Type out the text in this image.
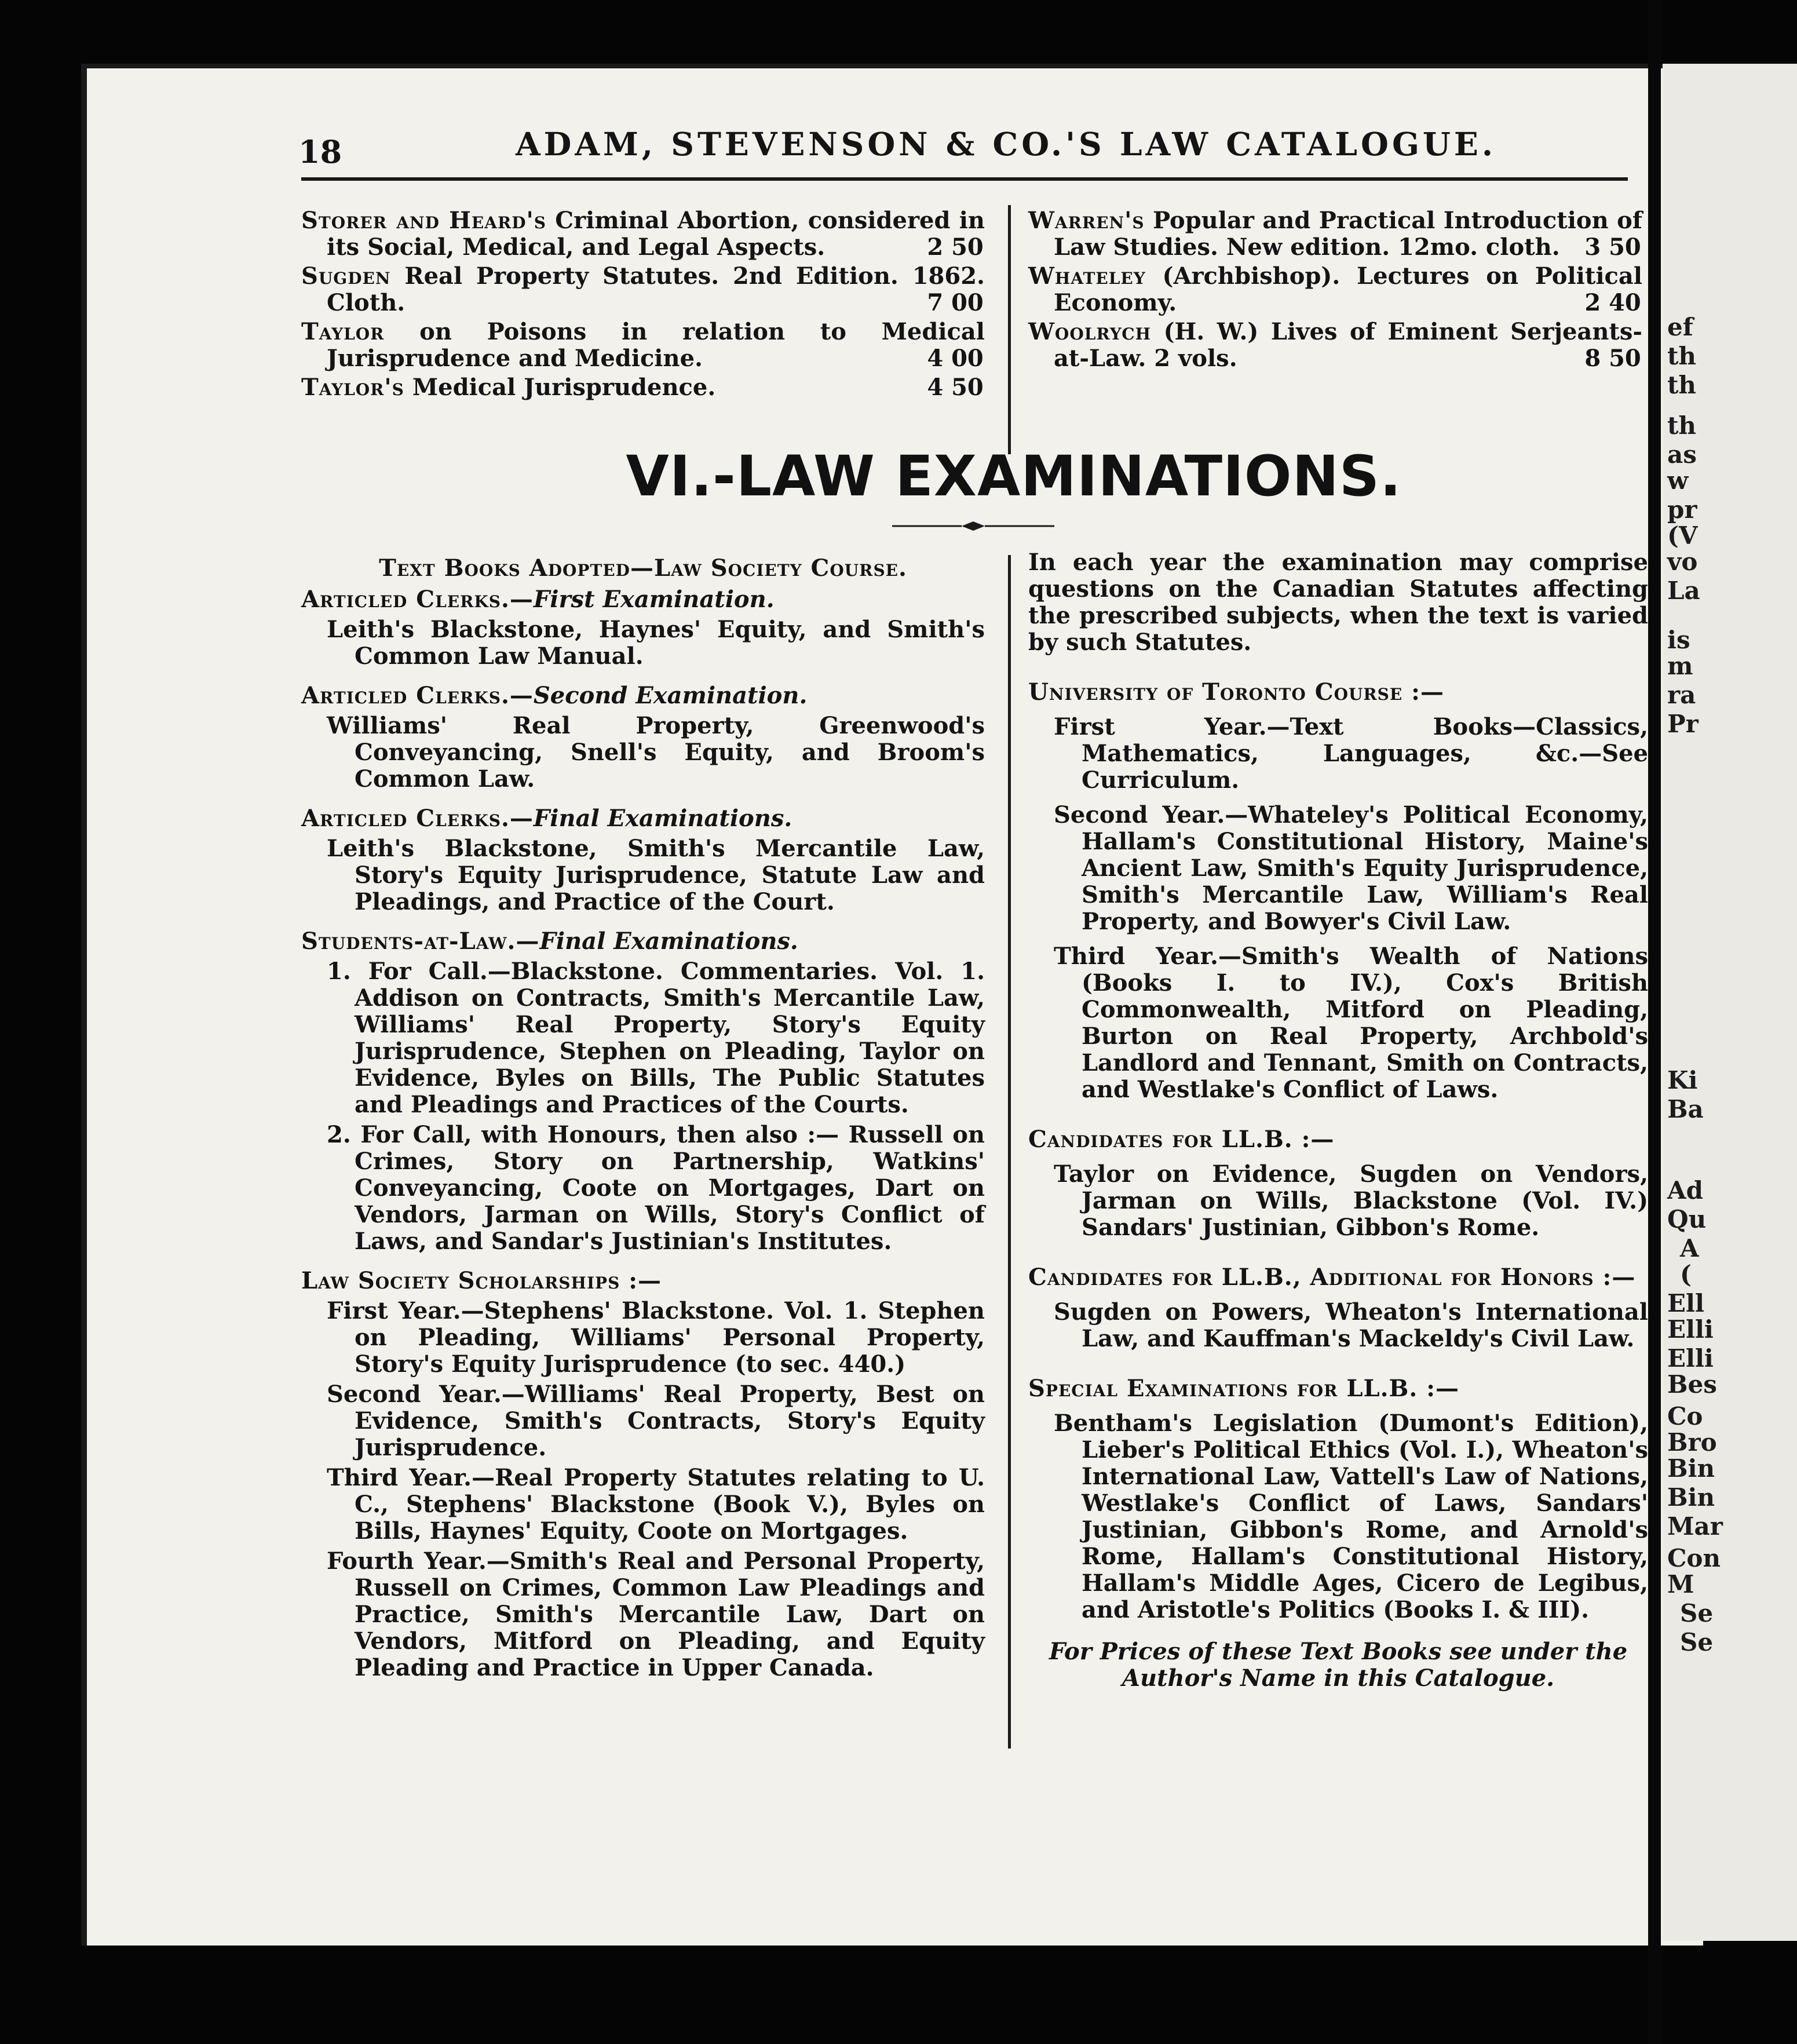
18	ADAM, STEVENSON & CO.'S LAW CATALOGUE.
Storer and Heard's Criminal Abortion, considered in its Social, Medical, and Legal Aspects.	2 50
Sugden Real Property Statutes. 2nd Edition. 1862. Cloth.	7 00
Taylor on Poisons in relation to Medical Jurisprudence and Medicine.	4 00
Taylor's Medical Jurisprudence.	4 50
Warren's Popular and Practical Introduction of Law Studies. New edition. 12mo. cloth. 3 50
Whateley (Archbishop). Lectures on Political Economy.	2 40
Woolrych (H. W.) Lives of Eminent Serjeants-at-Law. 2 vols.	8 50
VI.-LAW EXAMINATIONS.
Text Books Adopted—Law Society Course.
Articled Clerks.—First Examination.
Leith's Blackstone, Haynes' Equity, and Smith's Common Law Manual.
Articled Clerks.—Second Examination.
Williams' Real Property, Greenwood's Conveyancing, Snell's Equity, and Broom's Common Law.
Articled Clerks.—Final Examinations.
Leith's Blackstone, Smith's Mercantile Law, Story's Equity Jurisprudence, Statute Law and Pleadings, and Practice of the Court.
Students-at-Law.—Final Examinations.
1. For Call.—Blackstone. Commentaries. Vol. 1. Addison on Contracts, Smith's Mercantile Law, Williams' Real Property, Story's Equity Jurisprudence, Stephen on Pleading, Taylor on Evidence, Byles on Bills, The Public Statutes and Pleadings and Practices of the Courts.
2. For Call, with Honours, then also :— Russell on Crimes, Story on Partnership, Watkins' Conveyancing, Coote on Mortgages, Dart on Vendors, Jarman on Wills, Story's Conflict of Laws, and Sandar's Justinian's Institutes.
Law Society Scholarships :—
First Year.—Stephens' Blackstone. Vol. 1. Stephen on Pleading, Williams' Personal Property, Story's Equity Jurisprudence (to sec. 440.)
Second Year.—Williams' Real Property, Best on Evidence, Smith's Contracts, Story's Equity Jurisprudence.
Third Year.—Real Property Statutes relating to U. C., Stephens' Blackstone (Book V.), Byles on Bills, Haynes' Equity, Coote on Mortgages.
Fourth Year.—Smith's Real and Personal Property, Russell on Crimes, Common Law Pleadings and Practice, Smith's Mercantile Law, Dart on Vendors, Mitford on Pleading, and Equity Pleading and Practice in Upper Canada.
In each year the examination may comprise questions on the Canadian Statutes affecting the prescribed subjects, when the text is varied by such Statutes.
University of Toronto Course :—
First Year.—Text Books—Classics, Mathematics, Languages, &c.—See Curriculum.
Second Year.—Whateley's Political Economy, Hallam's Constitutional History, Maine's Ancient Law, Smith's Equity Jurisprudence, Smith's Mercantile Law, William's Real Property, and Bowyer's Civil Law.
Third Year.—Smith's Wealth of Nations (Books I. to IV.), Cox's British Commonwealth, Mitford on Pleading, Burton on Real Property, Archbold's Landlord and Tennant, Smith on Contracts, and Westlake's Conflict of Laws.
Candidates for LL.B. :—
Taylor on Evidence, Sugden on Vendors, Jarman on Wills, Blackstone (Vol. IV.) Sandars' Justinian, Gibbon's Rome.
Candidates for LL.B., Additional for Honors :—
Sugden on Powers, Wheaton's International Law, and Kauffman's Mackeldy's Civil Law.
Special Examinations for LL.B. :—
Bentham's Legislation (Dumont's Edition), Lieber's Political Ethics (Vol. I.), Wheaton's International Law, Vattell's Law of Nations, Westlake's Conflict of Laws, Sandars' Justinian, Gibbon's Rome, and Arnold's Rome, Hallam's Constitutional History, Hallam's Middle Ages, Cicero de Legibus, and Aristotle's Politics (Books I. & III).
For Prices of these Text Books see under the Author's Name in this Catalogue.
ef
th
th
th
as
w
pr
(V
vo
La
is
m
ra
Pr
Ki
Ba
Ad
Qu
A
(
Ell
Elli
Elli
Bes
Co
Bro
Bin
Bin
Mar
Con
M
Se
Se
